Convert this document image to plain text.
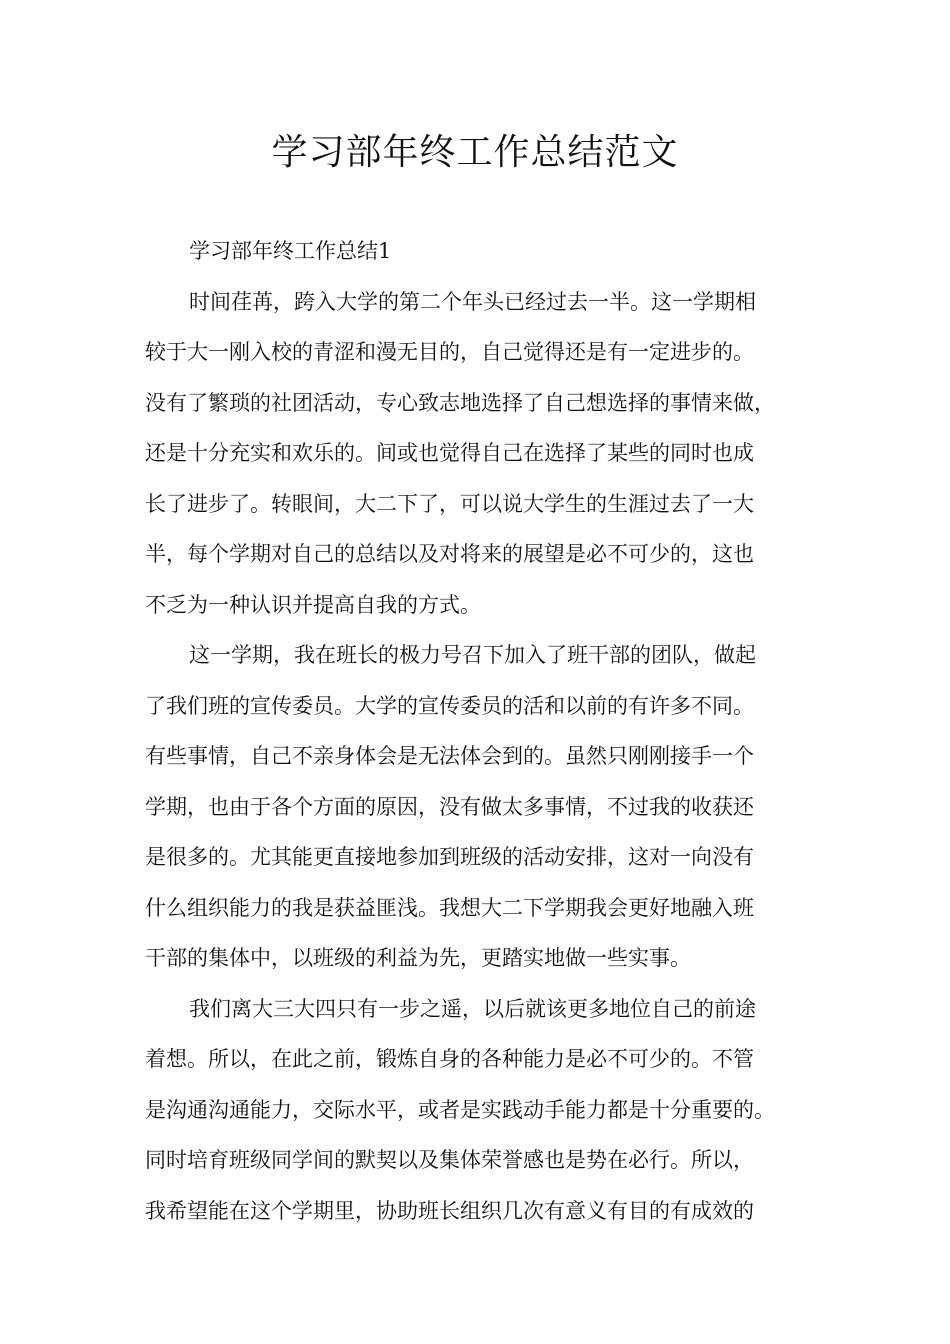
学习部年终工作总结范文

学习部年终工作总结1

时间荏苒，跨入大学的第二个年头已经过去一半。这一学期相
较于大一刚入校的青涩和漫无目的，自己觉得还是有一定进步的。
没有了繁琐的社团活动，专心致志地选择了自己想选择的事情来做，
还是十分充实和欢乐的。间或也觉得自己在选择了某些的同时也成
长了进步了。转眼间，大二下了，可以说大学生的生涯过去了一大
半，每个学期对自己的总结以及对将来的展望是必不可少的，这也
不乏为一种认识并提高自我的方式。

这一学期，我在班长的极力号召下加入了班干部的团队，做起
了我们班的宣传委员。大学的宣传委员的活和以前的有许多不同。
有些事情，自己不亲身体会是无法体会到的。虽然只刚刚接手一个
学期，也由于各个方面的原因，没有做太多事情，不过我的收获还
是很多的。尤其能更直接地参加到班级的活动安排，这对一向没有
什么组织能力的我是获益匪浅。我想大二下学期我会更好地融入班
干部的集体中，以班级的利益为先，更踏实地做一些实事。

我们离大三大四只有一步之遥，以后就该更多地位自己的前途
着想。所以，在此之前，锻炼自身的各种能力是必不可少的。不管
是沟通沟通能力，交际水平，或者是实践动手能力都是十分重要的。
同时培育班级同学间的默契以及集体荣誉感也是势在必行。所以，
我希望能在这个学期里，协助班长组织几次有意义有目的有成效的
